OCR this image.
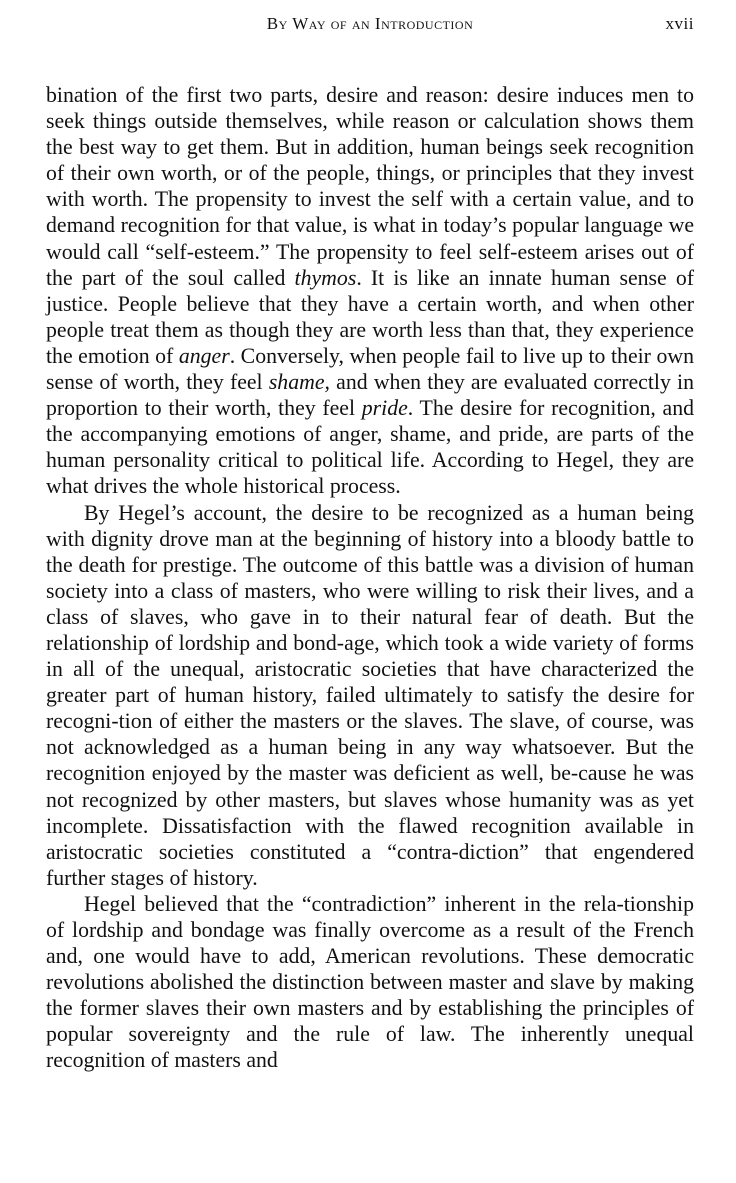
By Way of an Introduction	xvii

bination of the first two parts, desire and reason: desire induces men to seek things outside themselves, while reason or calculation shows them the best way to get them. But in addition, human beings seek recognition of their own worth, or of the people, things, or principles that they invest with worth. The propensity to invest the self with a certain value, and to demand recognition for that value, is what in today’s popular language we would call “self-esteem.” The propensity to feel self-esteem arises out of the part of the soul called thymos. It is like an innate human sense of justice. People believe that they have a certain worth, and when other people treat them as though they are worth less than that, they experience the emotion of anger. Conversely, when people fail to live up to their own sense of worth, they feel shame, and when they are evaluated correctly in proportion to their worth, they feel pride. The desire for recognition, and the accompanying emotions of anger, shame, and pride, are parts of the human personality critical to political life. According to Hegel, they are what drives the whole historical process.

By Hegel’s account, the desire to be recognized as a human being with dignity drove man at the beginning of history into a bloody battle to the death for prestige. The outcome of this battle was a division of human society into a class of masters, who were willing to risk their lives, and a class of slaves, who gave in to their natural fear of death. But the relationship of lordship and bond-age, which took a wide variety of forms in all of the unequal, aristocratic societies that have characterized the greater part of human history, failed ultimately to satisfy the desire for recogni-tion of either the masters or the slaves. The slave, of course, was not acknowledged as a human being in any way whatsoever. But the recognition enjoyed by the master was deficient as well, be-cause he was not recognized by other masters, but slaves whose humanity was as yet incomplete. Dissatisfaction with the flawed recognition available in aristocratic societies constituted a “contra-diction” that engendered further stages of history.

Hegel believed that the “contradiction” inherent in the rela-tionship of lordship and bondage was finally overcome as a result of the French and, one would have to add, American revolutions. These democratic revolutions abolished the distinction between master and slave by making the former slaves their own masters and by establishing the principles of popular sovereignty and the rule of law. The inherently unequal recognition of masters and
